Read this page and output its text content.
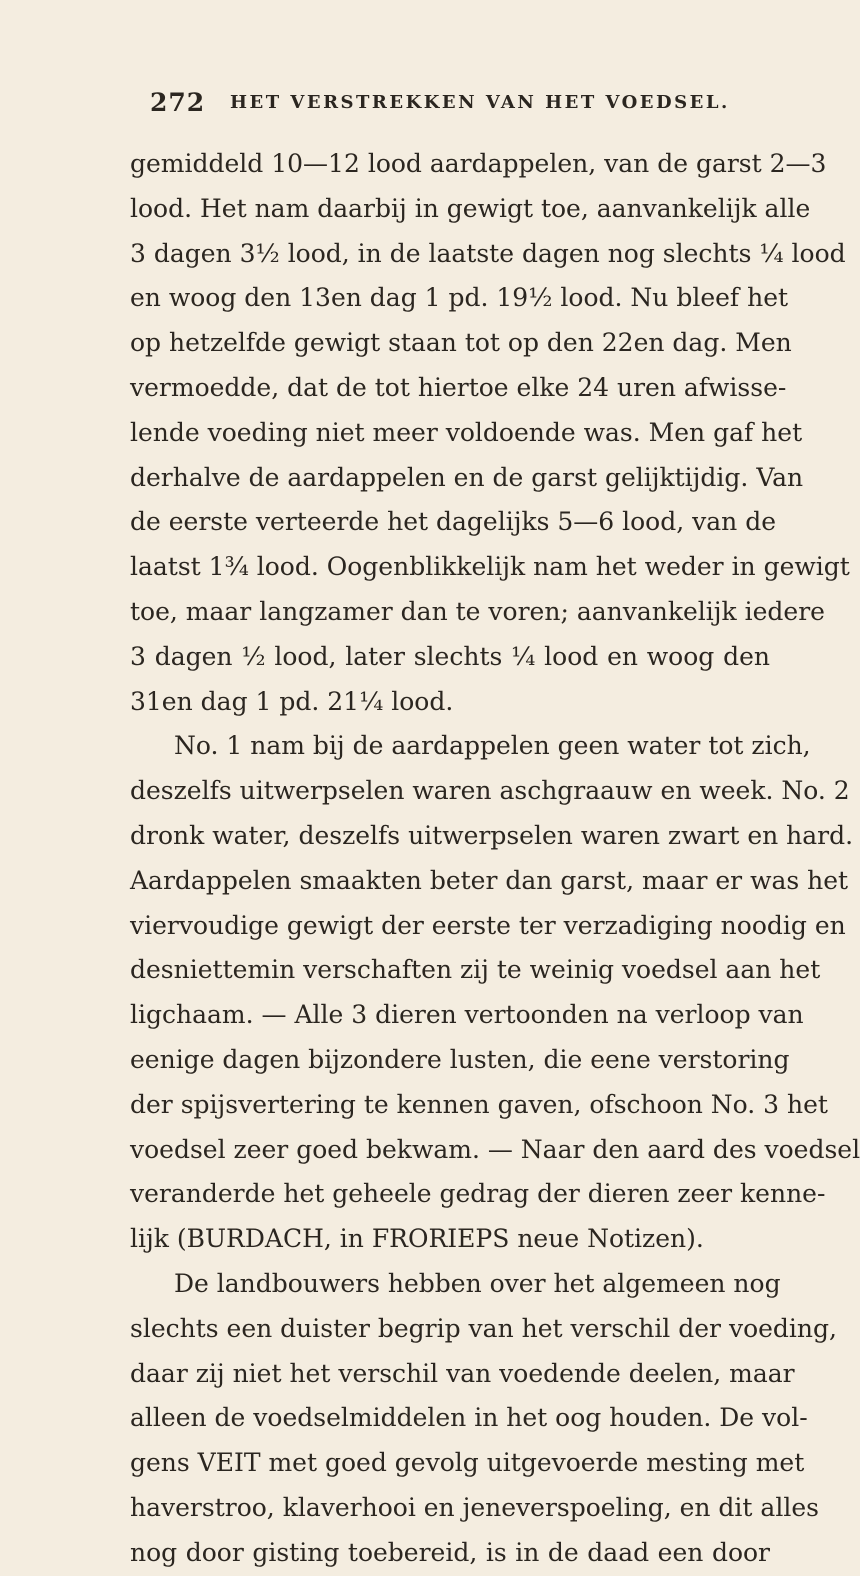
272 HET VERSTREKKEN VAN HET VOEDSEL.
gemiddeld 10—12 lood aardappelen, van de garst 2—3
lood. Het nam daarbij in gewigt toe, aanvankelijk alle
3 dagen 3½ lood, in de laatste dagen nog slechts ¼ lood
en woog den 13en dag 1 pd. 19½ lood. Nu bleef het
op hetzelfde gewigt staan tot op den 22en dag. Men
vermoedde, dat de tot hiertoe elke 24 uren afwisse-
lende voeding niet meer voldoende was. Men gaf het
derhalve de aardappelen en de garst gelijktijdig. Van
de eerste verteerde het dagelijks 5—6 lood, van de
laatst 1¾ lood. Oogenblikkelijk nam het weder in gewigt
toe, maar langzamer dan te voren; aanvankelijk iedere
3 dagen ½ lood, later slechts ¼ lood en woog den
31en dag 1 pd. 21¼ lood.
No. 1 nam bij de aardappelen geen water tot zich,
deszelfs uitwerpselen waren aschgraauw en week. No. 2
dronk water, deszelfs uitwerpselen waren zwart en hard.
Aardappelen smaakten beter dan garst, maar er was het
viervoudige gewigt der eerste ter verzadiging noodig en
desniettemin verschaften zij te weinig voedsel aan het
ligchaam. — Alle 3 dieren vertoonden na verloop van
eenige dagen bijzondere lusten, die eene verstoring
der spijsvertering te kennen gaven, ofschoon No. 3 het
voedsel zeer goed bekwam. — Naar den aard des voedsel
veranderde het geheele gedrag der dieren zeer kenne-
lijk (BURDACH, in FRORIEPS neue Notizen).
De landbouwers hebben over het algemeen nog
slechts een duister begrip van het verschil der voeding,
daar zij niet het verschil van voedende deelen, maar
alleen de voedselmiddelen in het oog houden. De vol-
gens VEIT met goed gevolg uitgevoerde mesting met
haverstroo, klaverhooi en jeneverspoeling, en dit alles
nog door gisting toebereid, is in de daad een door
